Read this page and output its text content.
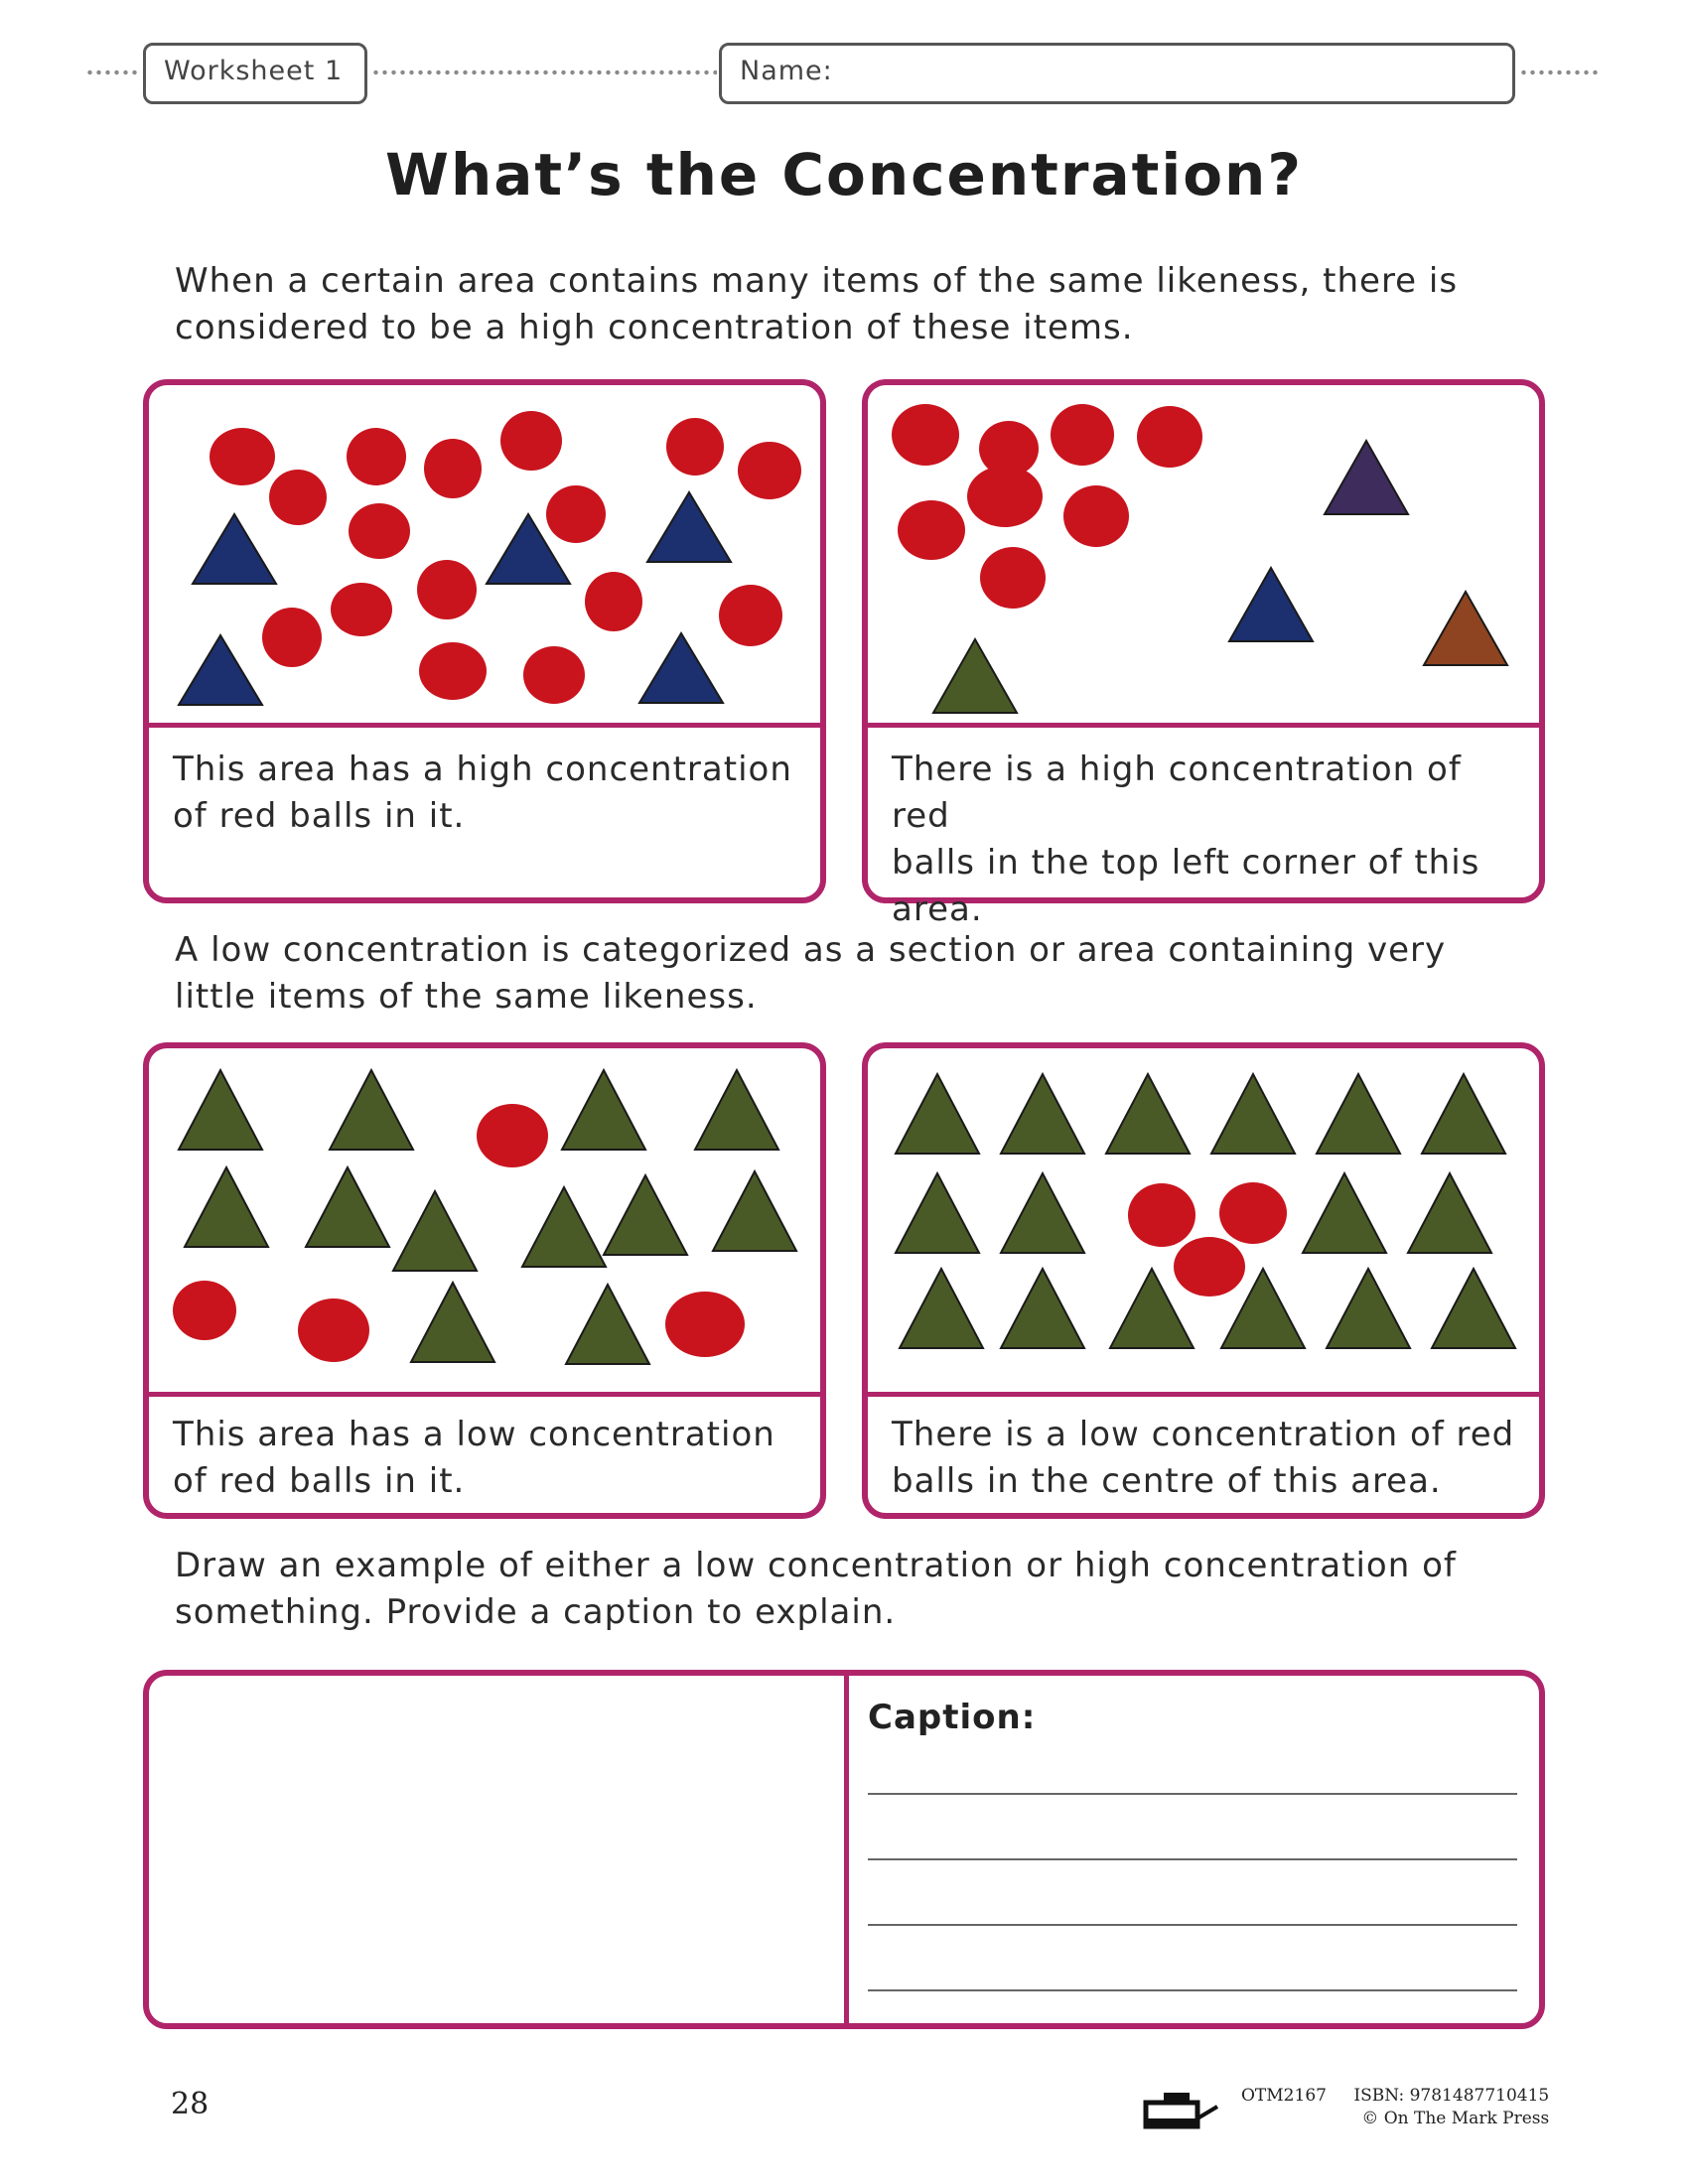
Worksheet 1	Name:
What’s the Concentration?
When a certain area contains many items of the same likeness, there is
considered to be a high concentration of these items.
This area has a high concentration
of red balls in it.
There is a high concentration of red
balls in the top left corner of this
area.
A low concentration is categorized as a section or area containing very
little items of the same likeness.
This area has a low concentration
of red balls in it.
There is a low concentration of red
balls in the centre of this area.
Draw an example of either a low concentration or high concentration of
something. Provide a caption to explain.
Caption:
28	OTM2167 ISBN: 9781487710415
© On The Mark Press
